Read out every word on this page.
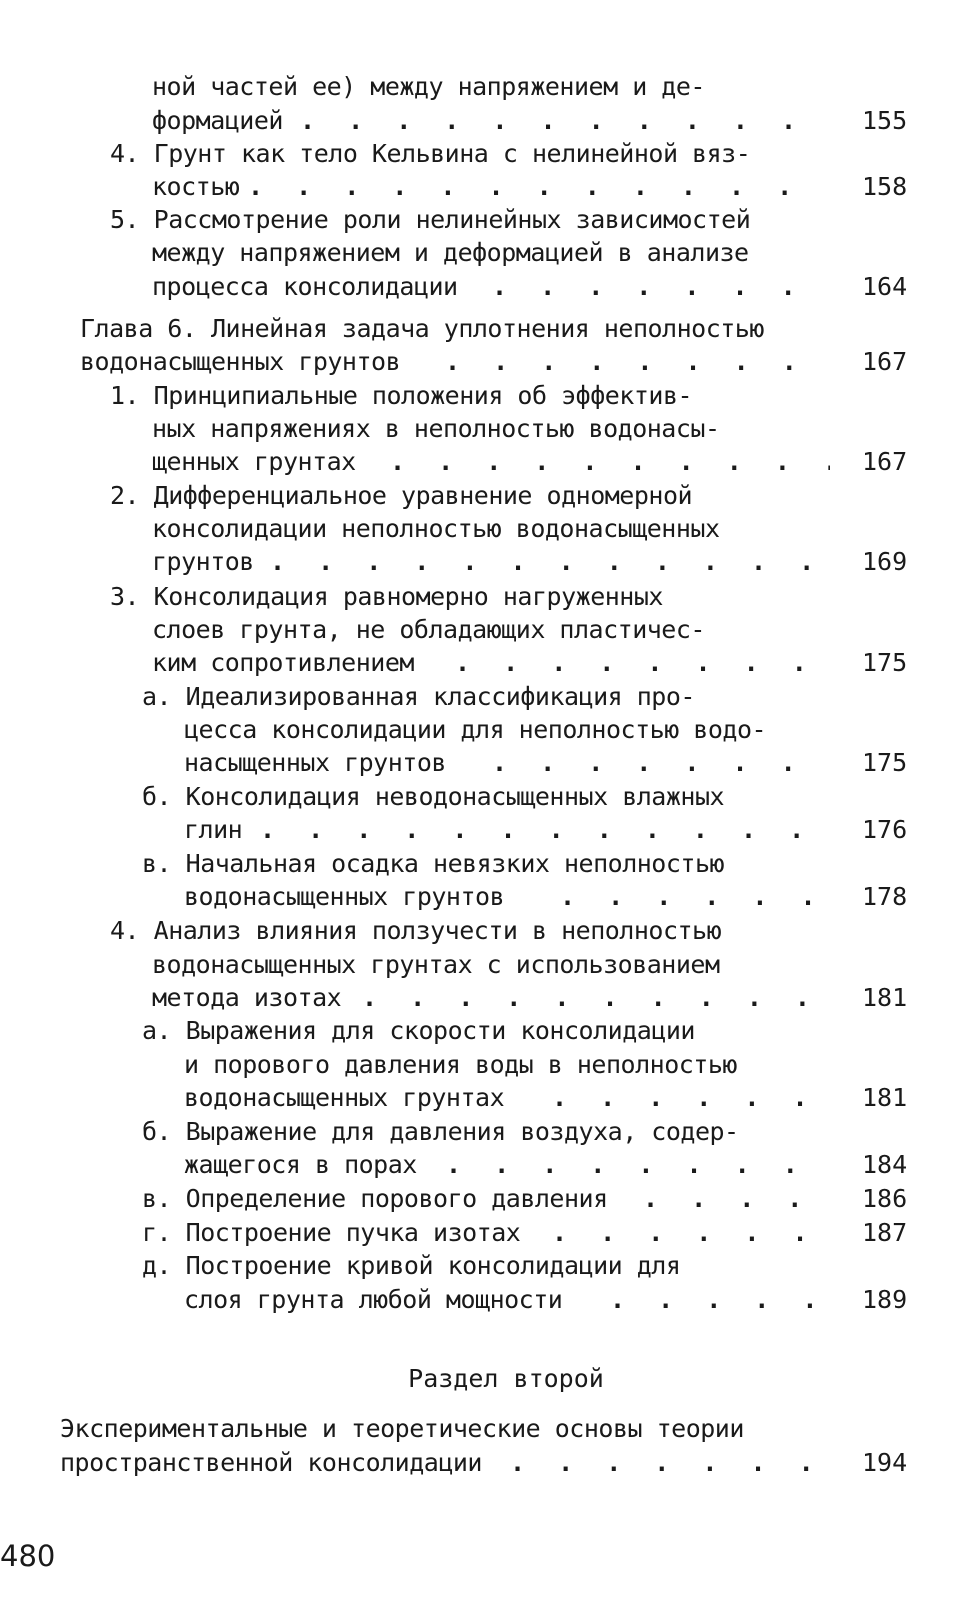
ной частей ее) между напряжением и де-
формацией . . .	155
4. Грунт как тело Кельвина с нелинейной вяз-
костью . . .	158
5. Рассмотрение роли нелинейных зависимостей
между напряжением и деформацией в анализе
процесса консолидации . . .	164
Глава 6. Линейная задача уплотнения неполностью
водонасыщенных грунтов . . .	167
1. Принципиальные положения об эффектив-
ных напряжениях в неполностью водонасы-
щенных грунтах . . .	167
2. Дифференциальное уравнение одномерной
консолидации неполностью водонасыщенных
грунтов . . .	169
3. Консолидация равномерно нагруженных
слоев грунта, не обладающих пластичес-
ким сопротивлением . . .	175
а. Идеализированная классификация про-
цесса консолидации для неполностью водо-
насыщенных грунтов . . .	175
б. Консолидация неводонасыщенных влажных
глин . . .	176
в. Начальная осадка невязких неполностью
водонасыщенных грунтов . . .	178
4. Анализ влияния ползучести в неполностью
водонасыщенных грунтах с использованием
метода изотах . . .	181
а. Выражения для скорости консолидации
и порового давления воды в неполностью
водонасыщенных грунтах . . .	181
б. Выражение для давления воздуха, содер-
жащегося в порах . . .	184
в. Определение порового давления . . .	186
г. Построение пучка изотах . . .	187
д. Построение кривой консолидации для
слоя грунта любой мощности . . .	189
Раздел второй
Экспериментальные и теоретические основы теории
пространственной консолидации . . .	194
480
